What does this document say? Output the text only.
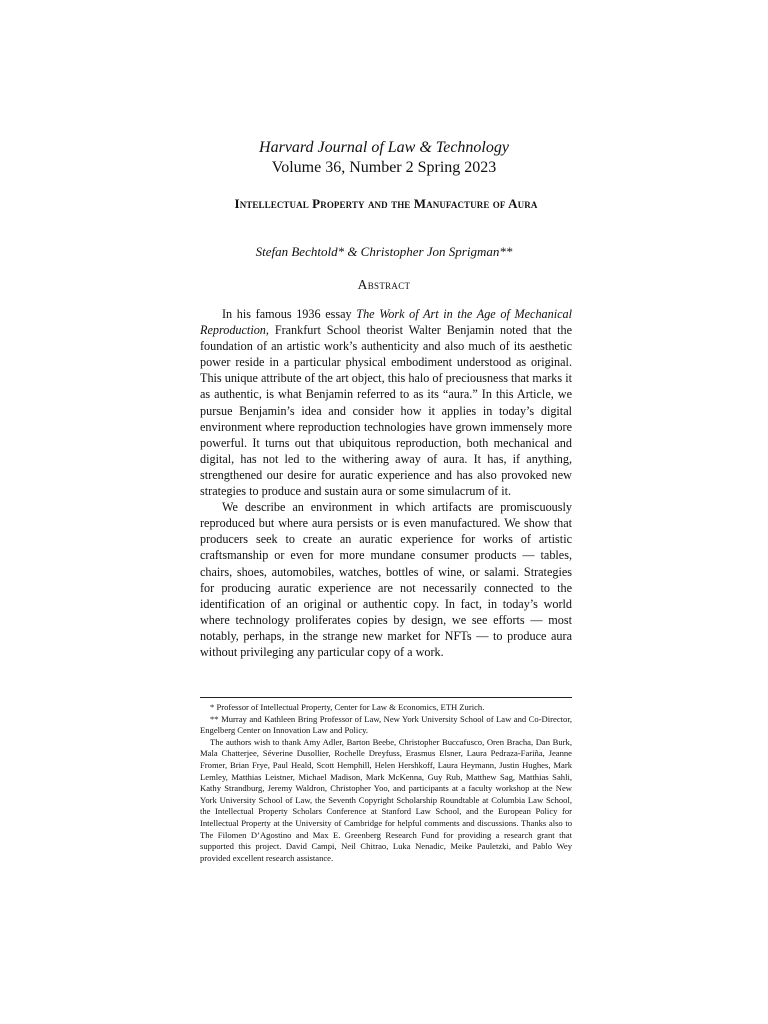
Harvard Journal of Law & Technology
Volume 36, Number 2 Spring 2023
Intellectual Property and the Manufacture of Aura
Stefan Bechtold* & Christopher Jon Sprigman**
Abstract

In his famous 1936 essay The Work of Art in the Age of Mechanical Reproduction, Frankfurt School theorist Walter Benjamin noted that the foundation of an artistic work’s authenticity and also much of its aesthetic power reside in a particular physical embodiment understood as original. This unique attribute of the art object, this halo of preciousness that marks it as authentic, is what Benjamin referred to as its “aura.” In this Article, we pursue Benjamin’s idea and consider how it applies in today’s digital environment where reproduction technologies have grown immensely more powerful. It turns out that ubiquitous reproduction, both mechanical and digital, has not led to the withering away of aura. It has, if anything, strengthened our desire for auratic experience and has also provoked new strategies to produce and sustain aura or some simulacrum of it.

We describe an environment in which artifacts are promiscuously reproduced but where aura persists or is even manufactured. We show that producers seek to create an auratic experience for works of artistic craftsmanship or even for more mundane consumer products — tables, chairs, shoes, automobiles, watches, bottles of wine, or salami. Strategies for producing auratic experience are not necessarily connected to the identification of an original or authentic copy. In fact, in today’s world where technology proliferates copies by design, we see efforts — most notably, perhaps, in the strange new market for NFTs — to produce aura without privileging any particular copy of a work.

* Professor of Intellectual Property, Center for Law & Economics, ETH Zurich.

** Murray and Kathleen Bring Professor of Law, New York University School of Law and Co-Director, Engelberg Center on Innovation Law and Policy.

The authors wish to thank Amy Adler, Barton Beebe, Christopher Buccafusco, Oren Bracha, Dan Burk, Mala Chatterjee, Séverine Dusollier, Rochelle Dreyfuss, Erasmus Elsner, Laura Pedraza-Fariña, Jeanne Fromer, Brian Frye, Paul Heald, Scott Hemphill, Helen Hershkoff, Laura Heymann, Justin Hughes, Mark Lemley, Matthias Leistner, Michael Madison, Mark McKenna, Guy Rub, Matthew Sag, Matthias Sahli, Kathy Strandburg, Jeremy Waldron, Christopher Yoo, and participants at a faculty workshop at the New York University School of Law, the Seventh Copyright Scholarship Roundtable at Columbia Law School, the Intellectual Property Scholars Conference at Stanford Law School, and the European Policy for Intellectual Property at the University of Cambridge for helpful comments and discussions. Thanks also to The Filomen D’Agostino and Max E. Greenberg Research Fund for providing a research grant that supported this project. David Campi, Neil Chitrao, Luka Nenadic, Meike Pauletzki, and Pablo Wey provided excellent research assistance.
